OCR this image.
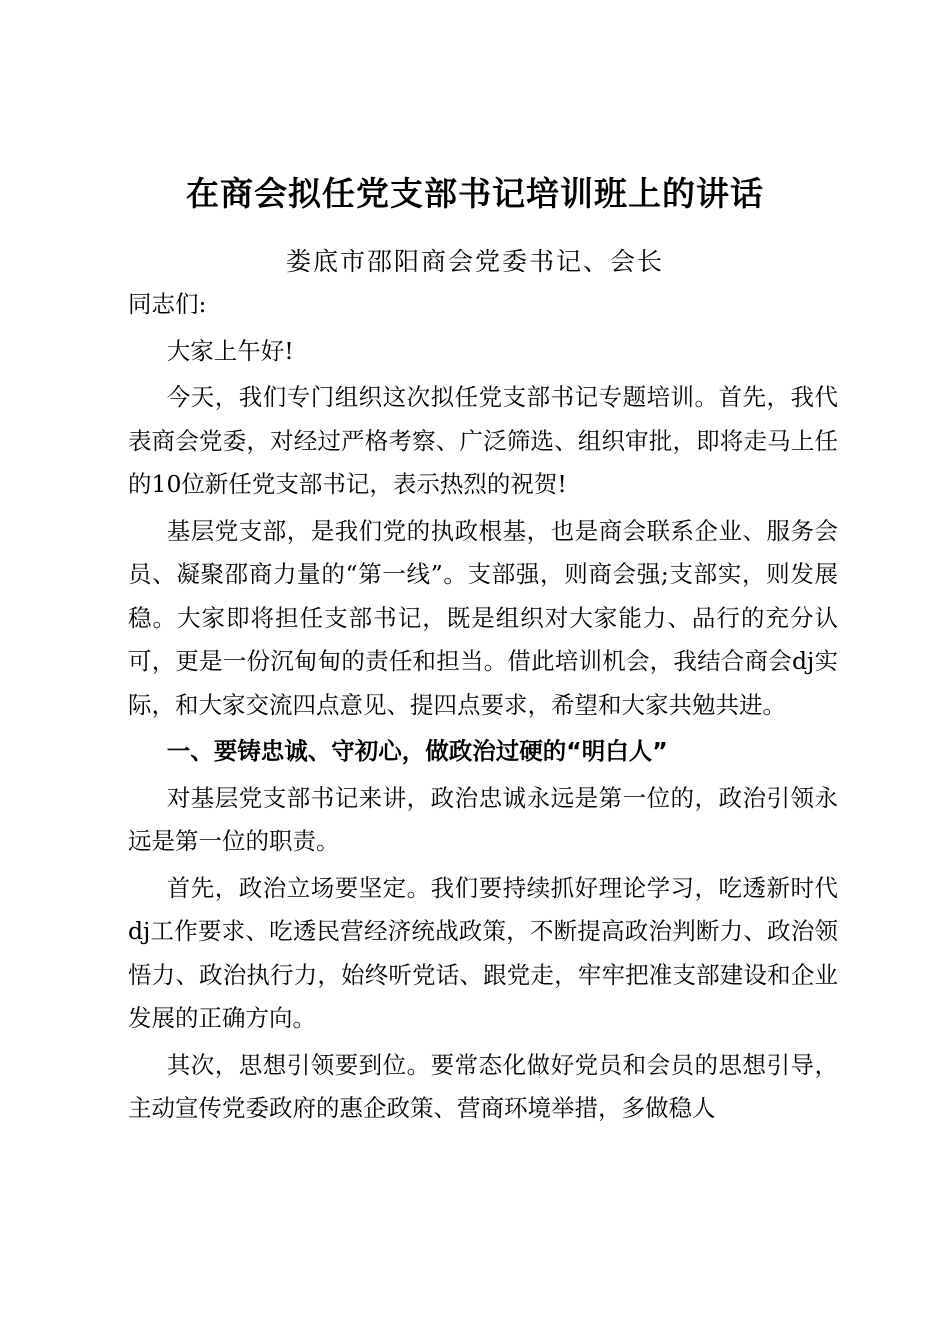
在商会拟任党支部书记培训班上的讲话
娄底市邵阳商会党委书记、会长

同志们:

大家上午好!

今天，我们专门组织这次拟任党支部书记专题培训。首先，我代表商会党委，对经过严格考察、广泛筛选、组织审批，即将走马上任的10位新任党支部书记，表示热烈的祝贺!

基层党支部，是我们党的执政根基，也是商会联系企业、服务会员、凝聚邵商力量的“第一线”。支部强，则商会强;支部实，则发展稳。大家即将担任支部书记，既是组织对大家能力、品行的充分认可，更是一份沉甸甸的责任和担当。借此培训机会，我结合商会dj实际，和大家交流四点意见、提四点要求，希望和大家共勉共进。

一、要铸忠诚、守初心，做政治过硬的“明白人”

对基层党支部书记来讲，政治忠诚永远是第一位的，政治引领永远是第一位的职责。

首先，政治立场要坚定。我们要持续抓好理论学习，吃透新时代dj工作要求、吃透民营经济统战政策，不断提高政治判断力、政治领悟力、政治执行力，始终听党话、跟党走，牢牢把准支部建设和企业发展的正确方向。

其次，思想引领要到位。要常态化做好党员和会员的思想引导，主动宣传党委政府的惠企政策、营商环境举措，多做稳人
